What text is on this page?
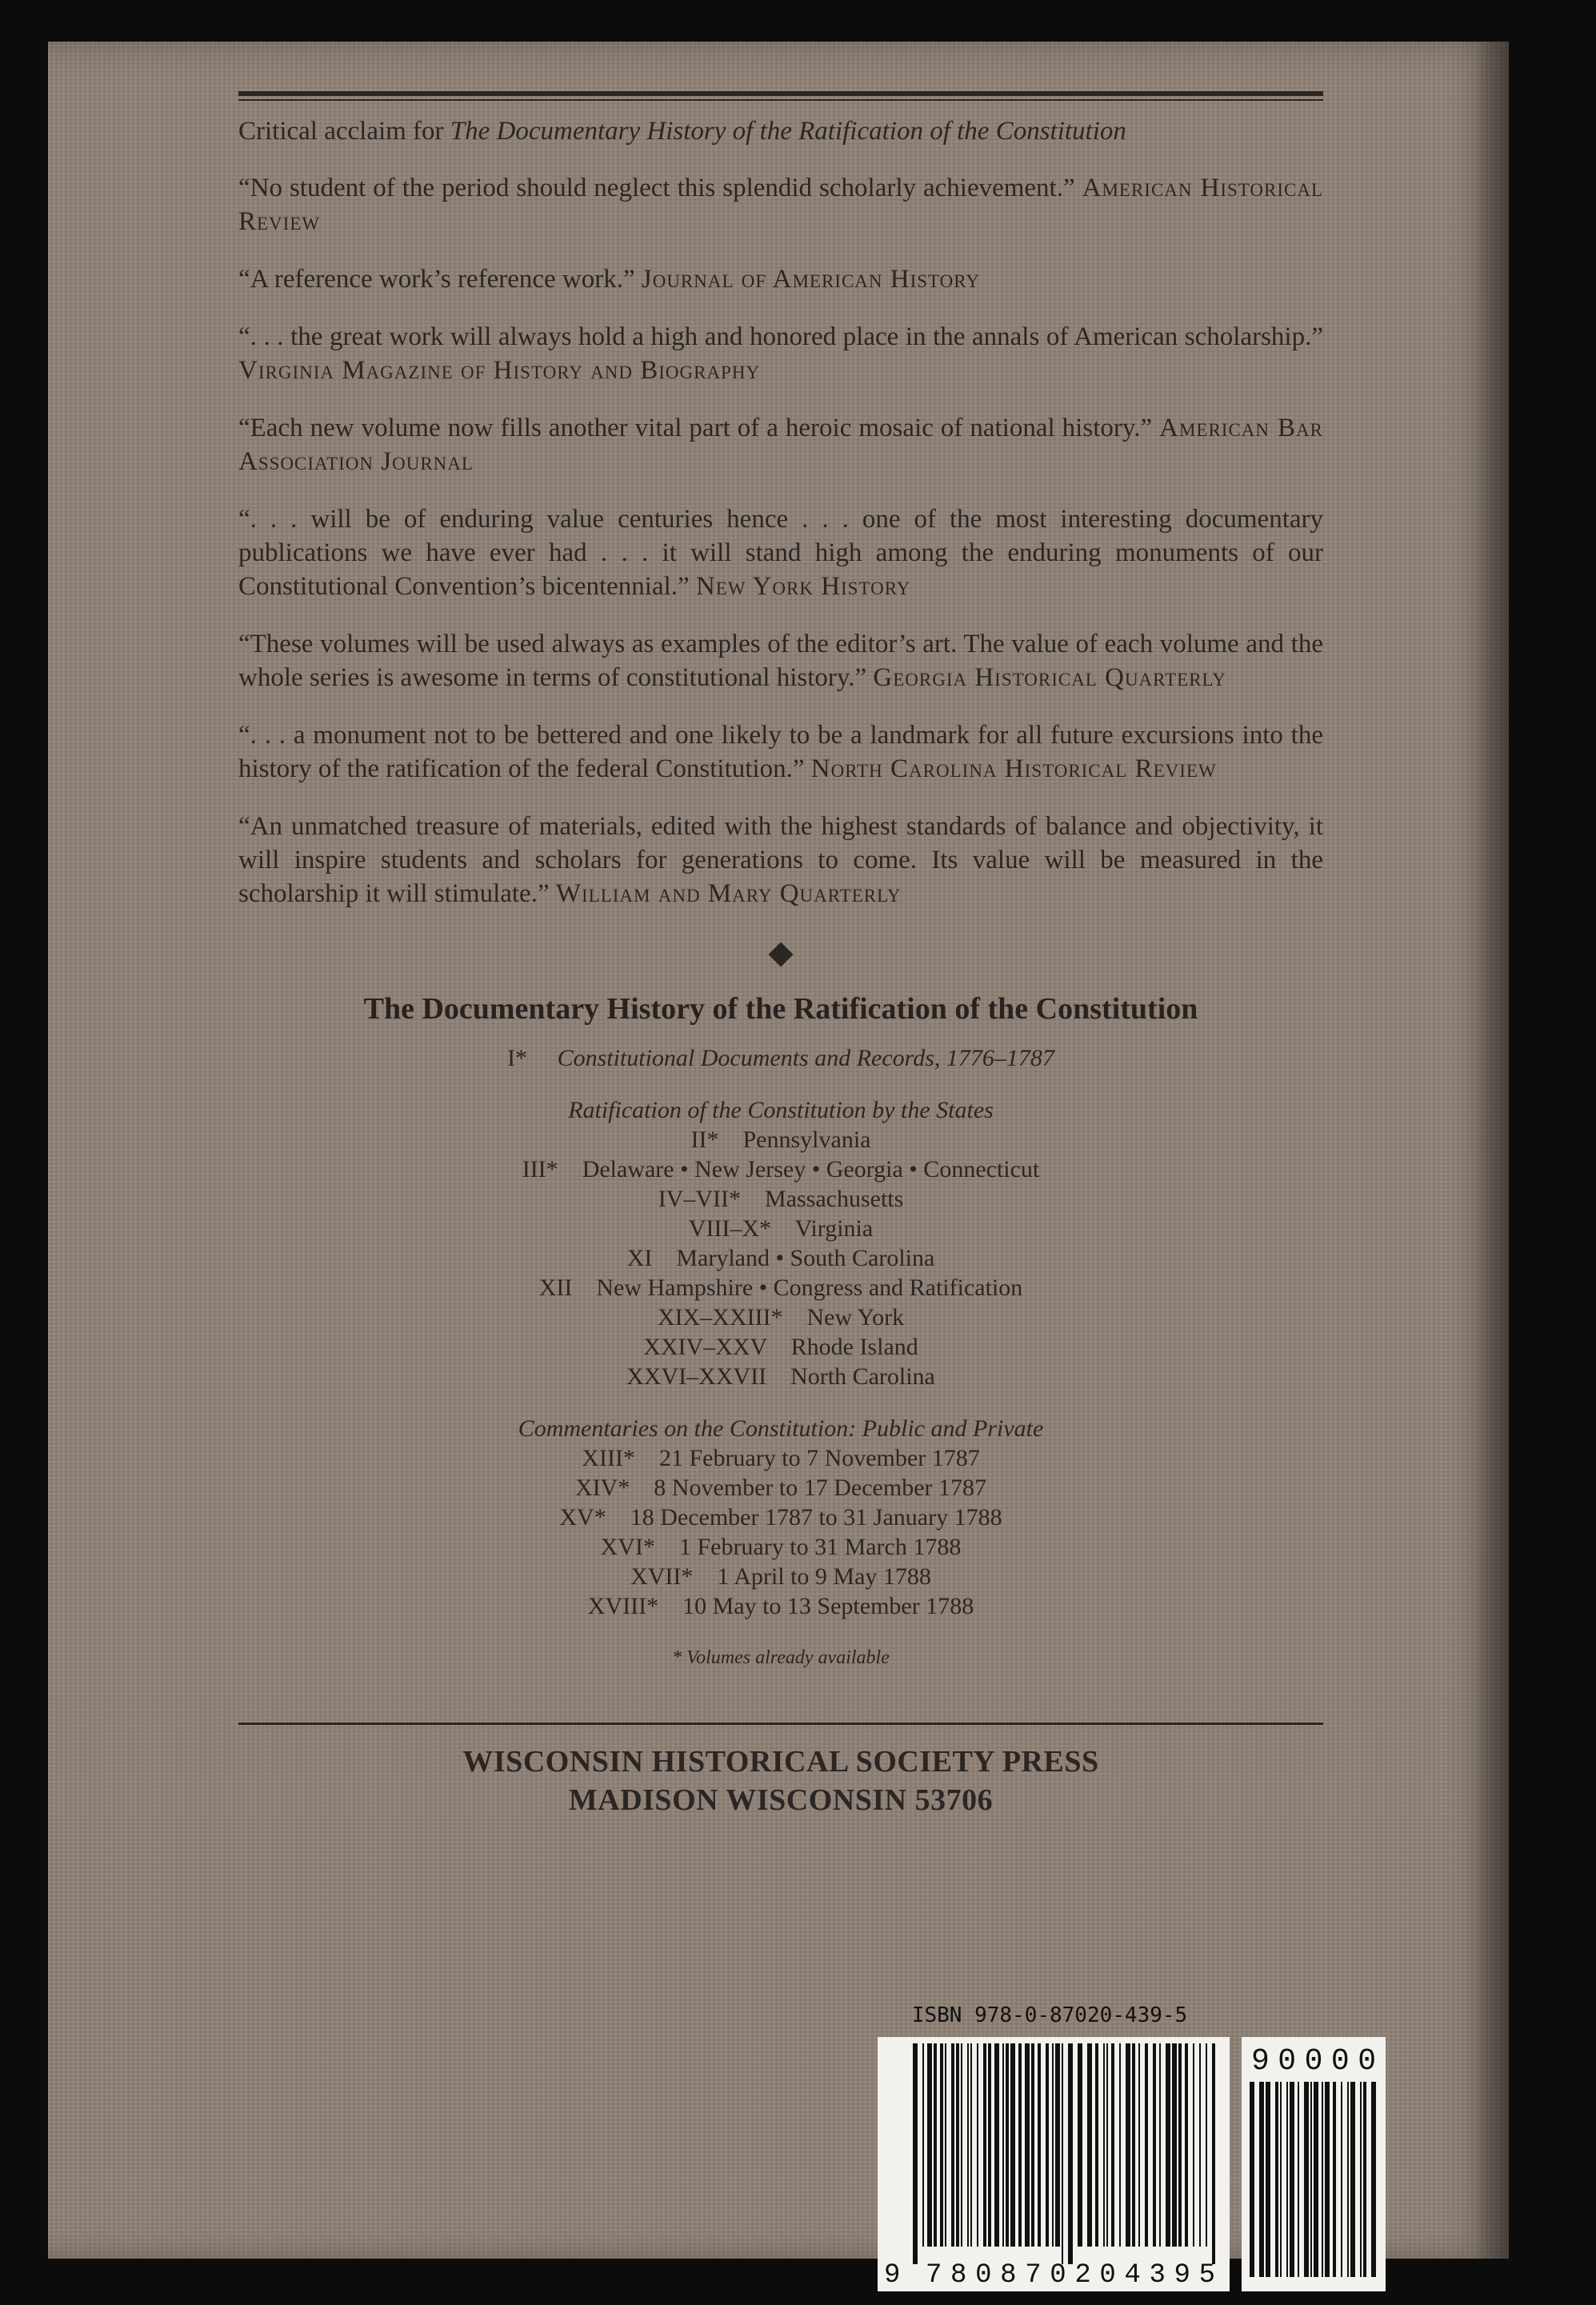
Critical acclaim for The Documentary History of the Ratification of the Constitution

“No student of the period should neglect this splendid scholarly achievement.” American Historical Review

“A reference work’s reference work.” Journal of American History

“. . . the great work will always hold a high and honored place in the annals of American scholarship.” Virginia Magazine of History and Biography

“Each new volume now fills another vital part of a heroic mosaic of national history.” American Bar Association Journal

“. . . will be of enduring value centuries hence . . . one of the most interesting documentary publications we have ever had . . . it will stand high among the enduring monuments of our Constitutional Convention’s bicentennial.” New York History

“These volumes will be used always as examples of the editor’s art. The value of each volume and the whole series is awesome in terms of constitutional history.” Georgia Historical Quarterly

“. . . a monument not to be bettered and one likely to be a landmark for all future excursions into the history of the ratification of the federal Constitution.” North Carolina Historical Review

“An unmatched treasure of materials, edited with the highest standards of balance and objectivity, it will inspire students and scholars for generations to come. Its value will be measured in the scholarship it will stimulate.” William and Mary Quarterly

The Documentary History of the Ratification of the Constitution
I* Constitutional Documents and Records, 1776–1787
Ratification of the Constitution by the States
II* Pennsylvania
III* Delaware • New Jersey • Georgia • Connecticut
IV–VII* Massachusetts
VIII–X* Virginia
XI Maryland • South Carolina
XII New Hampshire • Congress and Ratification
XIX–XXIII* New York
XXIV–XXV Rhode Island
XXVI–XXVII North Carolina
Commentaries on the Constitution: Public and Private
XIII* 21 February to 7 November 1787
XIV* 8 November to 17 December 1787
XV* 18 December 1787 to 31 January 1788
XVI* 1 February to 31 March 1788
XVII* 1 April to 9 May 1788
XVIII* 10 May to 13 September 1788
* Volumes already available
WISCONSIN HISTORICAL SOCIETY PRESS
MADISON WISCONSIN 53706
ISBN 978-0-87020-439-5
9 780870204395
90000
